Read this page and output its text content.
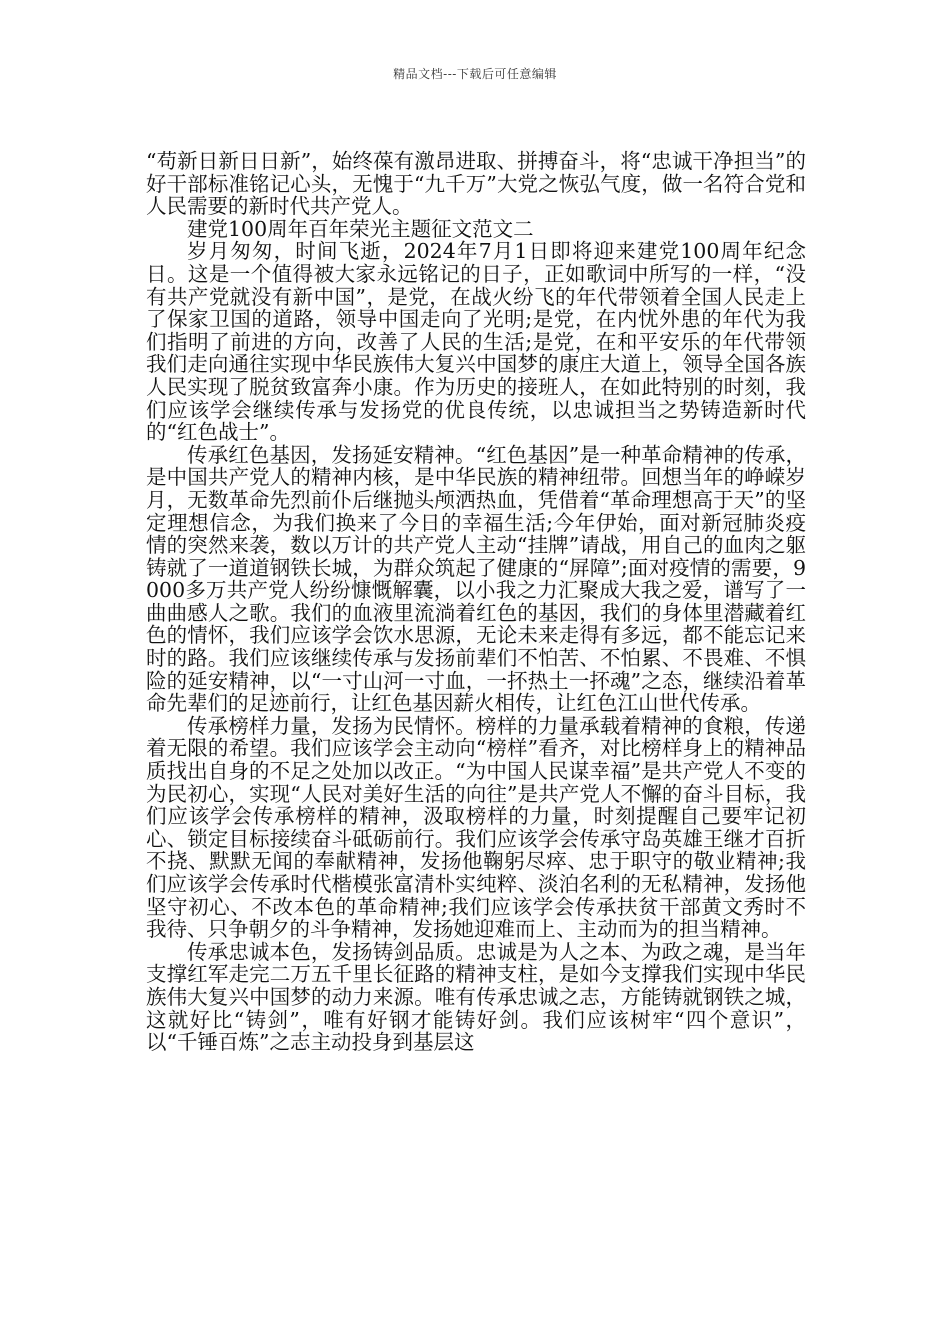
精品文档---下载后可任意编辑

“苟新日新日日新”，始终葆有激昂进取、拼搏奋斗，将“忠诚干净担当”的好干部标准铭记心头，无愧于“九千万”大党之恢弘气度，做一名符合党和人民需要的新时代共产党人。

建党100周年百年荣光主题征文范文二

岁月匆匆，时间飞逝，2024年7月1日即将迎来建党100周年纪念日。这是一个值得被大家永远铭记的日子，正如歌词中所写的一样，“没有共产党就没有新中国”，是党，在战火纷飞的年代带领着全国人民走上了保家卫国的道路，领导中国走向了光明;是党，在内忧外患的年代为我们指明了前进的方向，改善了人民的生活;是党，在和平安乐的年代带领我们走向通往实现中华民族伟大复兴中国梦的康庄大道上，领导全国各族人民实现了脱贫致富奔小康。作为历史的接班人，在如此特别的时刻，我们应该学会继续传承与发扬党的优良传统，以忠诚担当之势铸造新时代的“红色战士”。

传承红色基因，发扬延安精神。“红色基因”是一种革命精神的传承，是中国共产党人的精神内核，是中华民族的精神纽带。回想当年的峥嵘岁月，无数革命先烈前仆后继抛头颅洒热血，凭借着“革命理想高于天”的坚定理想信念，为我们换来了今日的幸福生活;今年伊始，面对新冠肺炎疫情的突然来袭，数以万计的共产党人主动“挂牌”请战，用自己的血肉之躯铸就了一道道钢铁长城，为群众筑起了健康的“屏障”;面对疫情的需要，9000多万共产党人纷纷慷慨解囊，以小我之力汇聚成大我之爱，谱写了一曲曲感人之歌。我们的血液里流淌着红色的基因，我们的身体里潜藏着红色的情怀，我们应该学会饮水思源，无论未来走得有多远，都不能忘记来时的路。我们应该继续传承与发扬前辈们不怕苦、不怕累、不畏难、不惧险的延安精神，以“一寸山河一寸血，一抔热土一抔魂”之态，继续沿着革命先辈们的足迹前行，让红色基因薪火相传，让红色江山世代传承。

传承榜样力量，发扬为民情怀。榜样的力量承载着精神的食粮，传递着无限的希望。我们应该学会主动向“榜样”看齐，对比榜样身上的精神品质找出自身的不足之处加以改正。“为中国人民谋幸福”是共产党人不变的为民初心，实现“人民对美好生活的向往”是共产党人不懈的奋斗目标，我们应该学会传承榜样的精神，汲取榜样的力量，时刻提醒自己要牢记初心、锁定目标接续奋斗砥砺前行。我们应该学会传承守岛英雄王继才百折不挠、默默无闻的奉献精神，发扬他鞠躬尽瘁、忠于职守的敬业精神;我们应该学会传承时代楷模张富清朴实纯粹、淡泊名利的无私精神，发扬他坚守初心、不改本色的革命精神;我们应该学会传承扶贫干部黄文秀时不我待、只争朝夕的斗争精神，发扬她迎难而上、主动而为的担当精神。

传承忠诚本色，发扬铸剑品质。忠诚是为人之本、为政之魂，是当年支撑红军走完二万五千里长征路的精神支柱，是如今支撑我们实现中华民族伟大复兴中国梦的动力来源。唯有传承忠诚之志，方能铸就钢铁之城，这就好比“铸剑”，唯有好钢才能铸好剑。我们应该树牢“四个意识”，以“千锤百炼”之志主动投身到基层这
